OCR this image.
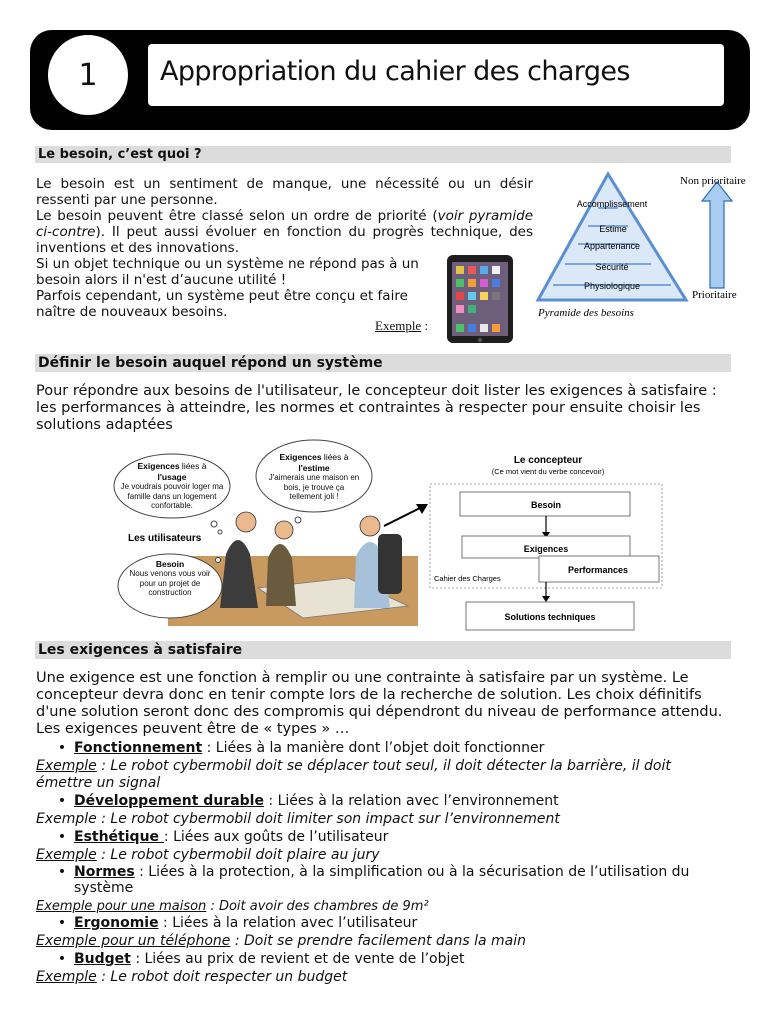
1	Appropriation du cahier des charges
Le besoin, c’est quoi ?
Le besoin est un sentiment de manque, une nécessité ou un désir ressenti par une personne.
Le besoin peuvent être classé selon un ordre de priorité (voir pyramide ci-contre). Il peut aussi évoluer en fonction du progrès technique, des inventions et des innovations.
Si un objet technique ou un système ne répond pas à un
besoin alors il n'est d’aucune utilité !
Parfois cependant, un système peut être conçu et faire
naître de nouveaux besoins.
Exemple :
Accomplissement
Estime
Appartenance
Sécurité
Physiologique
Pyramide des besoins
Non prioritaire
Prioritaire
Définir le besoin auquel répond un système
Pour répondre aux besoins de l'utilisateur, le concepteur doit lister les exigences à satisfaire : les performances à atteindre, les normes et contraintes à respecter pour ensuite choisir les solutions adaptées
Exigences liées à
l'usage
Je voudrais pouvoir loger ma famille dans un logement confortable.
Exigences liées à
l'estime
J'aimerais une maison en bois, je trouve ça tellement joli !
Les utilisateurs
Besoin
Nous venons vous voir pour un projet de construction
Le concepteur
(Ce mot vient du verbe concevoir)
Besoin
Exigences
Performances
Cahier des Charges
Solutions techniques
Les exigences à satisfaire
Une exigence est une fonction à remplir ou une contrainte à satisfaire par un système. Le concepteur devra donc en tenir compte lors de la recherche de solution. Les choix définitifs d'une solution seront donc des compromis qui dépendront du niveau de performance attendu. Les exigences peuvent être de « types » …
• Fonctionnement : Liées à la manière dont l’objet doit fonctionner
Exemple : Le robot cybermobil doit se déplacer tout seul, il doit détecter la barrière, il doit émettre un signal
• Développement durable : Liées à la relation avec l’environnement
Exemple : Le robot cybermobil doit limiter son impact sur l’environnement
• Esthétique : Liées aux goûts de l’utilisateur
Exemple : Le robot cybermobil doit plaire au jury
• Normes : Liées à la protection, à la simplification ou à la sécurisation de l’utilisation du système
Exemple pour une maison : Doit avoir des chambres de 9m²
• Ergonomie : Liées à la relation avec l’utilisateur
Exemple pour un téléphone : Doit se prendre facilement dans la main
• Budget : Liées au prix de revient et de vente de l’objet
Exemple : Le robot doit respecter un budget
